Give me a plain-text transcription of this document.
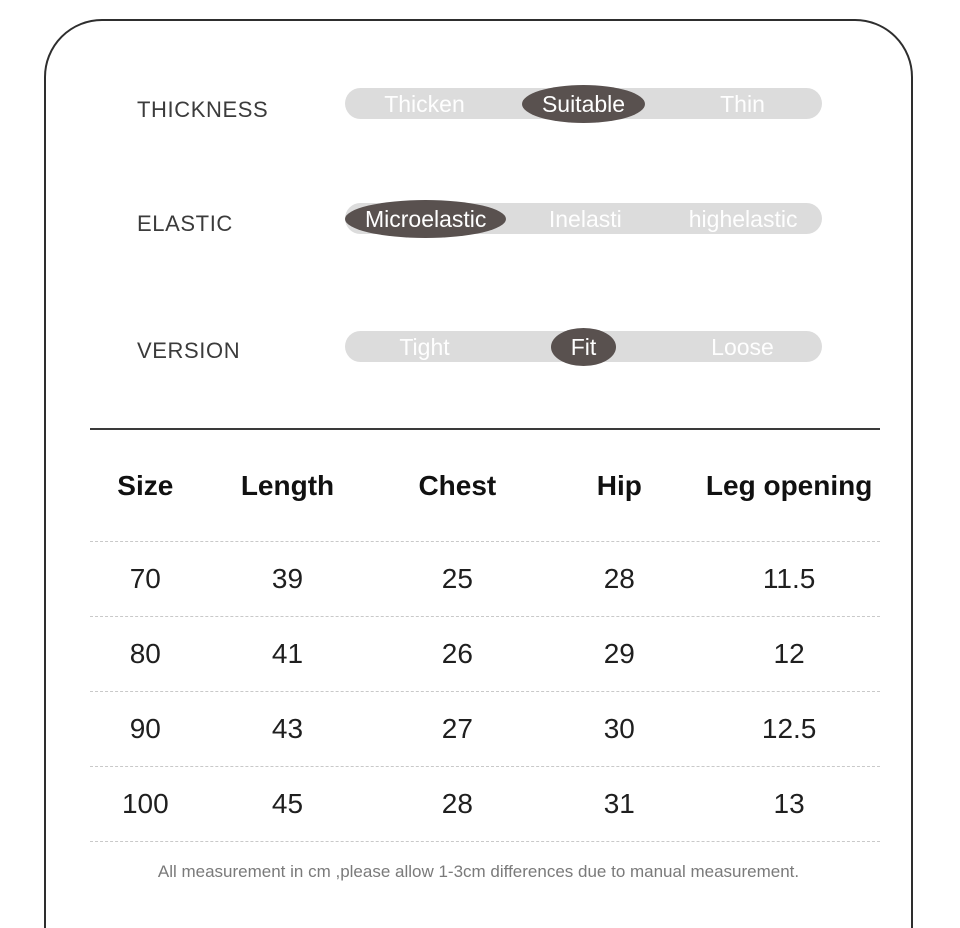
THICKNESS	Thicken	Suitable	Thin
ELASTIC	Microelastic	Inelasti	highelastic
VERSION	Tight	Fit	Loose
Size	Length	Chest	Hip	Leg opening
70	39	25	28	11.5
80	41	26	29	12
90	43	27	30	12.5
100	45	28	31	13
All measurement in cm ,please allow 1-3cm differences due to manual measurement.
